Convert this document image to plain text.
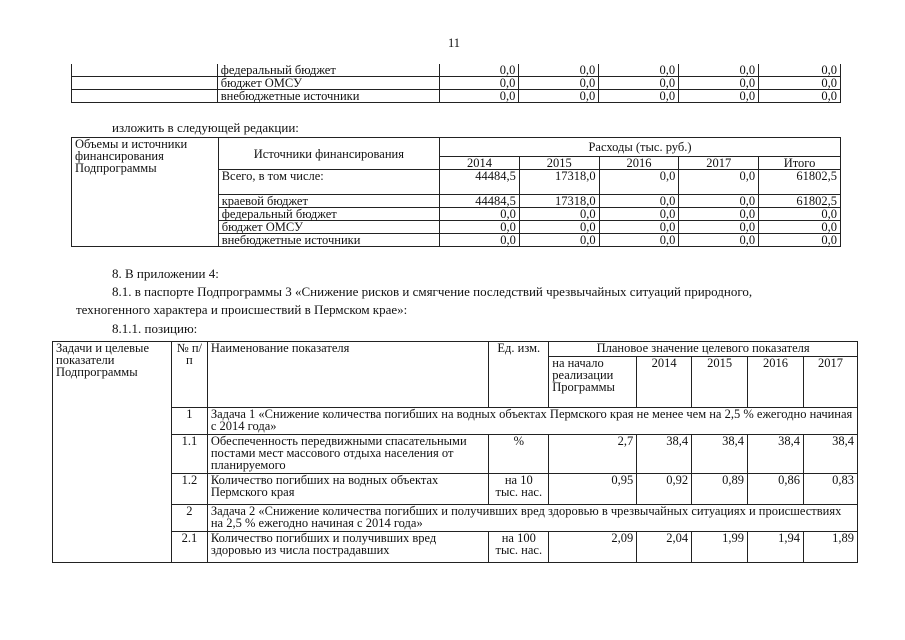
11
	федеральный бюджет	0,0	0,0	0,0	0,0	0,0
	бюджет ОМСУ	0,0	0,0	0,0	0,0	0,0
	внебюджетные источники	0,0	0,0	0,0	0,0	0,0
изложить в следующей редакции:
Объемы и источники финансирования Подпрограммы	Источники финансирования	Расходы (тыс. руб.)				
		2014	2015	2016	2017	Итого
	Всего, в том числе:	44484,5	17318,0	0,0	0,0	61802,5
	краевой бюджет	44484,5	17318,0	0,0	0,0	61802,5
	федеральный бюджет	0,0	0,0	0,0	0,0	0,0
	бюджет ОМСУ	0,0	0,0	0,0	0,0	0,0
	внебюджетные источники	0,0	0,0	0,0	0,0	0,0
8. В приложении 4:
8.1. в паспорте Подпрограммы 3 «Снижение рисков и смягчение последствий чрезвычайных ситуаций природного,
техногенного характера и происшествий в Пермском крае»:
8.1.1. позицию:
Задачи и целевые показатели Подпрограммы	№ п/п	Наименование показателя	Ед. изм.	Плановое значение целевого показателя				
				на начало реализации Программы	2014	2015	2016	2017
	1	Задача 1 «Снижение количества погибших на водных объектах Пермского края не менее чем на 2,5 % ежегодно начиная с 2014 года»						
	1.1	Обеспеченность передвижными спасательными постами мест массового отдыха населения от планируемого	%	2,7	38,4	38,4	38,4	38,4
	1.2	Количество погибших на водных объектах Пермского края	на 10 тыс. нас.	0,95	0,92	0,89	0,86	0,83
	2	Задача 2 «Снижение количества погибших и получивших вред здоровью в чрезвычайных ситуациях и происшествиях на 2,5 % ежегодно начиная с 2014 года»						
	2.1	Количество погибших и получивших вред здоровью из числа пострадавших	на 100 тыс. нас.	2,09	2,04	1,99	1,94	1,89
